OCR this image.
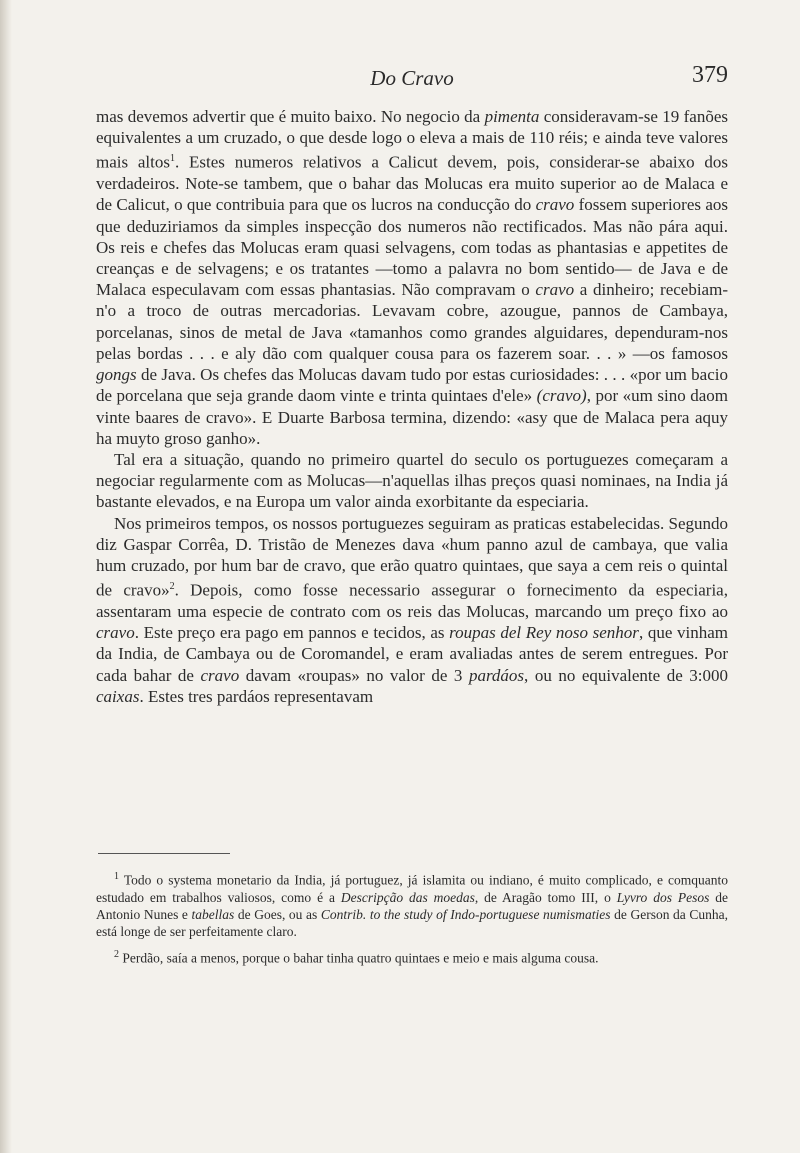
Do Cravo	379

mas devemos advertir que é muito baixo. No negocio da pimenta consideravam-se 19 fanões equivalentes a um cruzado, o que desde logo o eleva a mais de 110 réis; e ainda teve valores mais altos$^1$. Estes numeros relativos a Calicut devem, pois, considerar-se abaixo dos verdadeiros. Note-se tambem, que o bahar das Molucas era muito superior ao de Malaca e de Calicut, o que contribuia para que os lucros na conducção do cravo fossem superiores aos que deduziriamos da simples inspecção dos numeros não rectificados. Mas não pára aqui. Os reis e chefes das Molucas eram quasi selvagens, com todas as phantasias e appetites de creanças e de selvagens; e os tratantes —tomo a palavra no bom sentido— de Java e de Malaca especulavam com essas phantasias. Não compravam o cravo a dinheiro; recebiam-n'o a troco de outras mercadorias. Levavam cobre, azougue, pannos de Cambaya, porcelanas, sinos de metal de Java «tamanhos como grandes alguidares, dependuram-nos pelas bordas . . . e aly dão com qualquer cousa para os fazerem soar. . . » —os famosos gongs de Java. Os chefes das Molucas davam tudo por estas curiosidades: . . . «por um bacio de porcelana que seja grande daom vinte e trinta quintaes d'ele» (cravo), por «um sino daom vinte baares de cravo». E Duarte Barbosa termina, dizendo: «asy que de Malaca pera aquy ha muyto groso ganho».

Tal era a situação, quando no primeiro quartel do seculo os portuguezes começaram a negociar regularmente com as Molucas—n'aquellas ilhas preços quasi nominaes, na India já bastante elevados, e na Europa um valor ainda exorbitante da especiaria.

Nos primeiros tempos, os nossos portuguezes seguiram as praticas estabelecidas. Segundo diz Gaspar Corrêa, D. Tristão de Menezes dava «hum panno azul de cambaya, que valia hum cruzado, por hum bar de cravo, que erão quatro quintaes, que saya a cem reis o quintal de cravo»$^2$. Depois, como fosse necessario assegurar o fornecimento da especiaria, assentaram uma especie de contrato com os reis das Molucas, marcando um preço fixo ao cravo. Este preço era pago em pannos e tecidos, as roupas del Rey noso senhor, que vinham da India, de Cambaya ou de Coromandel, e eram avaliadas antes de serem entregues. Por cada bahar de cravo davam «roupas» no valor de 3 pardáos, ou no equivalente de 3:000 caixas. Estes tres pardáos representavam

$^1$ Todo o systema monetario da India, já portuguez, já islamita ou indiano, é muito complicado, e comquanto estudado em trabalhos valiosos, como é a Descripção das moedas, de Aragão tomo III, o Lyvro dos Pesos de Antonio Nunes e tabellas de Goes, ou as Contrib. to the study of Indo-portuguese numismaties de Gerson da Cunha, está longe de ser perfeitamente claro.

$^2$ Perdão, saía a menos, porque o bahar tinha quatro quintaes e meio e mais alguma cousa.
